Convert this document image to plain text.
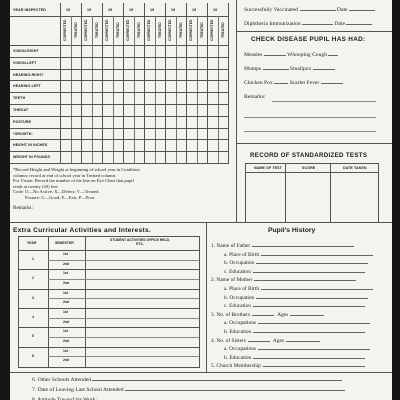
YEAR INSPECTED	19
CORRECTED TREATED
19
CORRECTED TREATED
19
CORRECTED TREATED
19
CORRECTED TREATED
19
CORRECTED TREATED
19
CORRECTED TREATED
19
CORRECTED TREATED
19
CORRECTED TREATED
VISION-RIGHT
VISION-LEFT
HEARING-RIGHT
HEARING-LEFT
TEETH
THROAT
POSTURE
*GROWTH:
HEIGHT IN INCHES
WEIGHT IN POUNDS
*Record Height and Weight at beginning of school year in Condition
column; record at end of school year in Treated column.
For Vision: Record the number of the line on Eye Chart that pupil
reads at twenty (20) feet.
Code: O—No Active; X—Defect; V—Treated.
Posture: G—Good; F—Fair; P—Poor.
Remarks:
Successfully Vaccinated	Date
Diphtheria Immunization	Date
CHECK DISEASE PUPIL HAS HAD:
Measles	Whooping Cough
Mumps	Smallpox
Chicken Pox	Scarlet Fever
Remarks:
RECORD OF STANDARDIZED TESTS
NAME OF TEST	SCORE	DATE TAKEN
Extra Curricular Activities and Interests.
YEAR	SEMESTER
STUDENT ACTIVITIES OFFICE HELD, ETC.
1
1st
2nd
2
1st
2nd
3
1st
2nd
4
1st
2nd
5
1st
2nd
6
1st
2nd
Pupil's History
1. Name of Father
a. Place of Birth
b. Occupation
c. Education
2. Name of Mother
a. Place of Birth
b. Occupation
c. Education
3. No. of Brothers	Ages
a. Occupations
b. Education
4. No. of Sisters	Ages
a. Occupations
b. Education
5. Church Membership
6. Other Schools Attended
7. Date of Leaving Last School Attended
8. Attitude Toward his Work:
